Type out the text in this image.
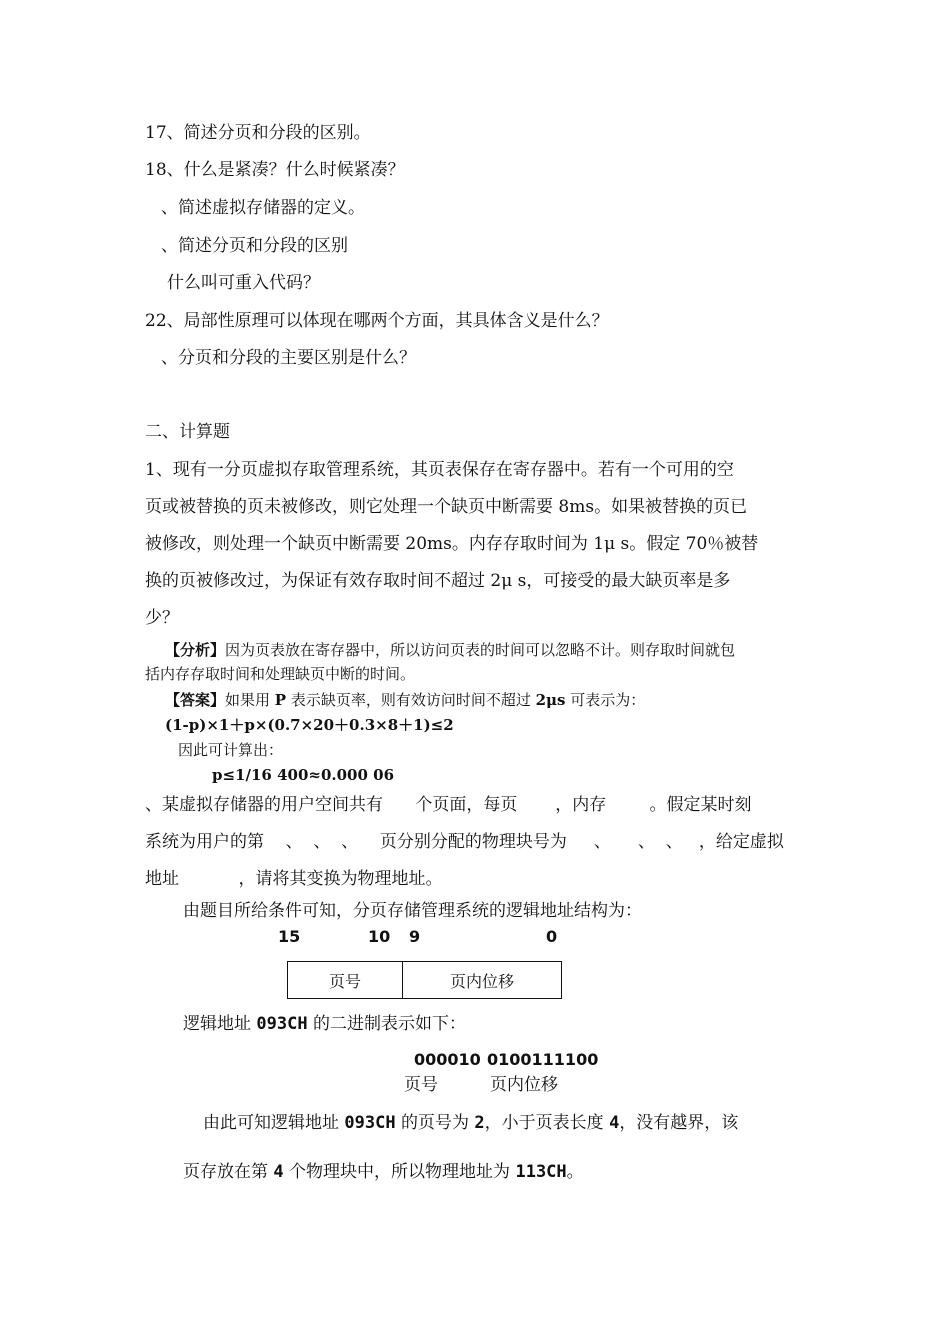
17、简述分页和分段的区别。
18、什么是紧凑？什么时候紧凑？
、简述虚拟存储器的定义。
、简述分页和分段的区别
什么叫可重入代码？
22、局部性原理可以体现在哪两个方面，其具体含义是什么？
、分页和分段的主要区别是什么？
二、计算题
1、现有一分页虚拟存取管理系统，其页表保存在寄存器中。若有一个可用的空
页或被替换的页未被修改，则它处理一个缺页中断需要 8ms。如果被替换的页已
被修改，则处理一个缺页中断需要 20ms。内存存取时间为 1μ s。假定 70％被替
换的页被修改过，为保证有效存取时间不超过 2μ s，可接受的最大缺页率是多
少？
【分析】因为页表放在寄存器中，所以访问页表的时间可以忽略不计。则存取时间就包
括内存存取时间和处理缺页中断的时间。
【答案】如果用 P 表示缺页率，则有效访问时间不超过 2μs 可表示为：
(1-p)×1＋p×(0.7×20＋0.3×8＋1)≤2
因此可计算出：
p≤1/16 400≈0.000 06
、某虚拟存储器的用户空间共有      个页面，每页       ，内存        。假定某时刻
系统为用户的第    、  、  、    页分别分配的物理块号为     、     、  、   ，给定虚拟
地址           ，请将其变换为物理地址。
由题目所给条件可知，分页存储管理系统的逻辑地址结构为：
15	10 9	0
页号	页内位移
逻辑地址 093CH 的二进制表示如下：
000010 0100111100
页号	页内位移
由此可知逻辑地址 093CH 的页号为 2，小于页表长度 4，没有越界，该
页存放在第 4 个物理块中，所以物理地址为 113CH。
